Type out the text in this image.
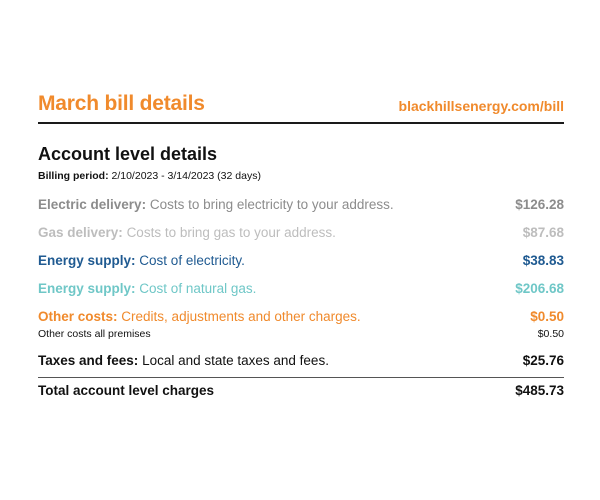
March bill details	blackhillsenergy.com/bill
Account level details
Billing period: 2/10/2023 - 3/14/2023 (32 days)
Electric delivery: Costs to bring electricity to your address.	$126.28
Gas delivery: Costs to bring gas to your address.	$87.68
Energy supply: Cost of electricity.	$38.83
Energy supply: Cost of natural gas.	$206.68
Other costs: Credits, adjustments and other charges.	$0.50
Other costs all premises	$0.50
Taxes and fees: Local and state taxes and fees.	$25.76
Total account level charges	$485.73
